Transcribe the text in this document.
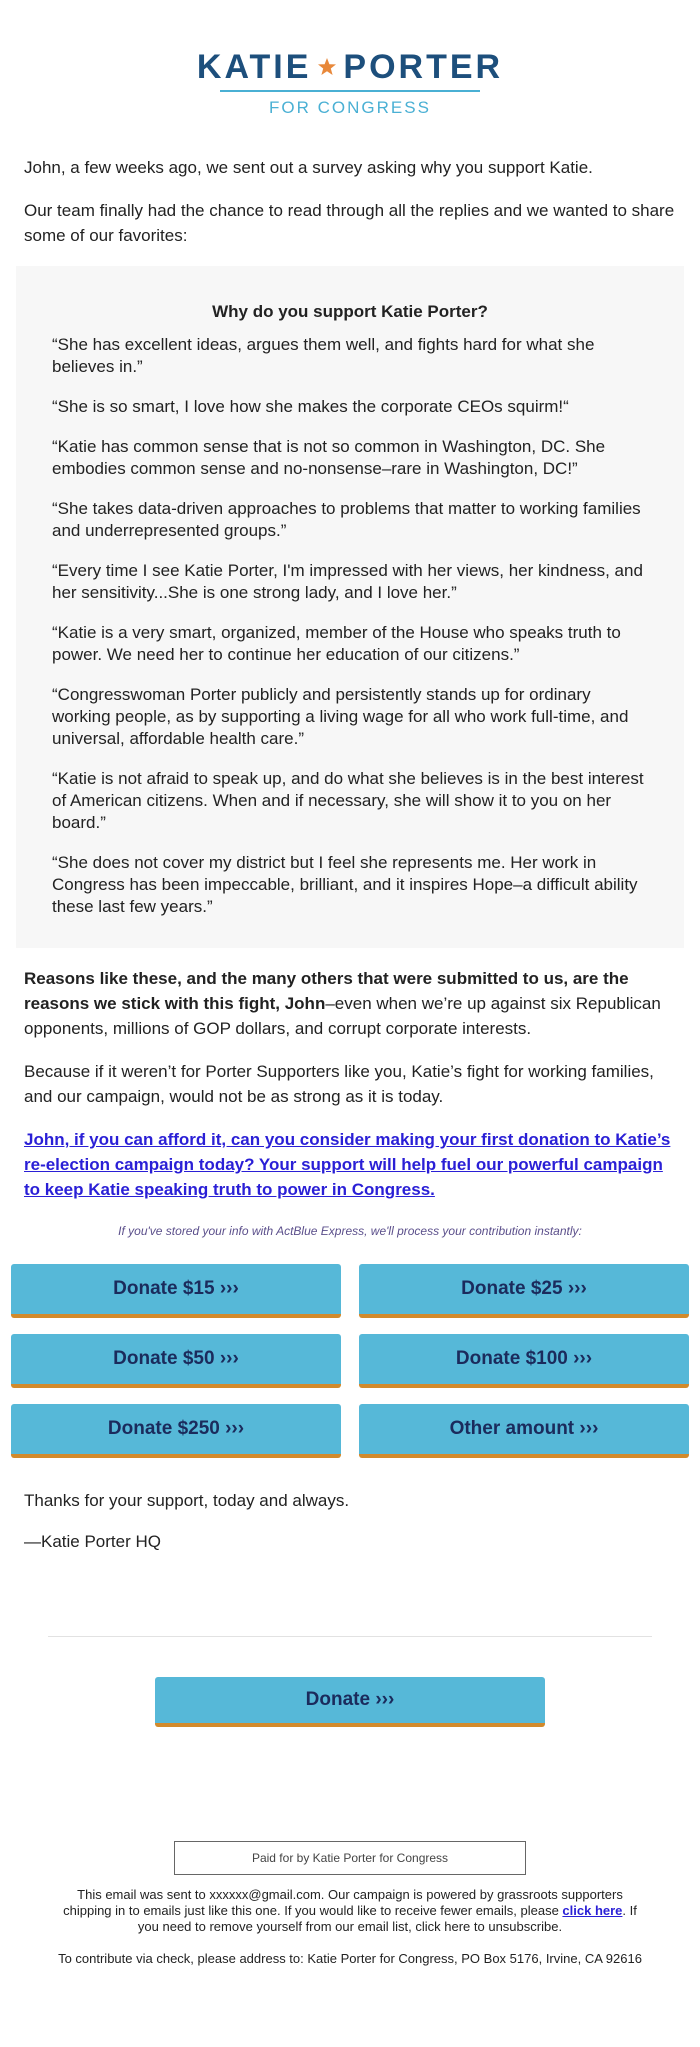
KATIE PORTER
FOR CONGRESS

John, a few weeks ago, we sent out a survey asking why you support Katie.

Our team finally had the chance to read through all the replies and we wanted to share some of our favorites:

Why do you support Katie Porter?

“She has excellent ideas, argues them well, and fights hard for what she believes in.”

“She is so smart, I love how she makes the corporate CEOs squirm!“

“Katie has common sense that is not so common in Washington, DC. She embodies common sense and no-nonsense–rare in Washington, DC!”

“She takes data-driven approaches to problems that matter to working families and underrepresented groups.”

“Every time I see Katie Porter, I'm impressed with her views, her kindness, and her sensitivity...She is one strong lady, and I love her.”

“Katie is a very smart, organized, member of the House who speaks truth to power. We need her to continue her education of our citizens.”

“Congresswoman Porter publicly and persistently stands up for ordinary working people, as by supporting a living wage for all who work full-time, and universal, affordable health care.”

“Katie is not afraid to speak up, and do what she believes is in the best interest of American citizens. When and if necessary, she will show it to you on her board.”

“She does not cover my district but I feel she represents me. Her work in Congress has been impeccable, brilliant, and it inspires Hope–a difficult ability these last few years.”

Reasons like these, and the many others that were submitted to us, are the reasons we stick with this fight, John–even when we’re up against six Republican opponents, millions of GOP dollars, and corrupt corporate interests.

Because if it weren’t for Porter Supporters like you, Katie’s fight for working families, and our campaign, would not be as strong as it is today.

John, if you can afford it, can you consider making your first donation to Katie’s re-election campaign today? Your support will help fuel our powerful campaign to keep Katie speaking truth to power in Congress.
If you've stored your info with ActBlue Express, we'll process your contribution instantly:
Donate $15 ›››	Donate $25 ›››
Donate $50 ›››	Donate $100 ›››
Donate $250 ›››	Other amount ›››

Thanks for your support, today and always.

—Katie Porter HQ

Donate ›››
Paid for by Katie Porter for Congress

This email was sent to xxxxxx@gmail.com. Our campaign is powered by grassroots supporters chipping in to emails just like this one. If you would like to receive fewer emails, please click here. If you need to remove yourself from our email list, click here to unsubscribe.

To contribute via check, please address to: Katie Porter for Congress, PO Box 5176, Irvine, CA 92616
